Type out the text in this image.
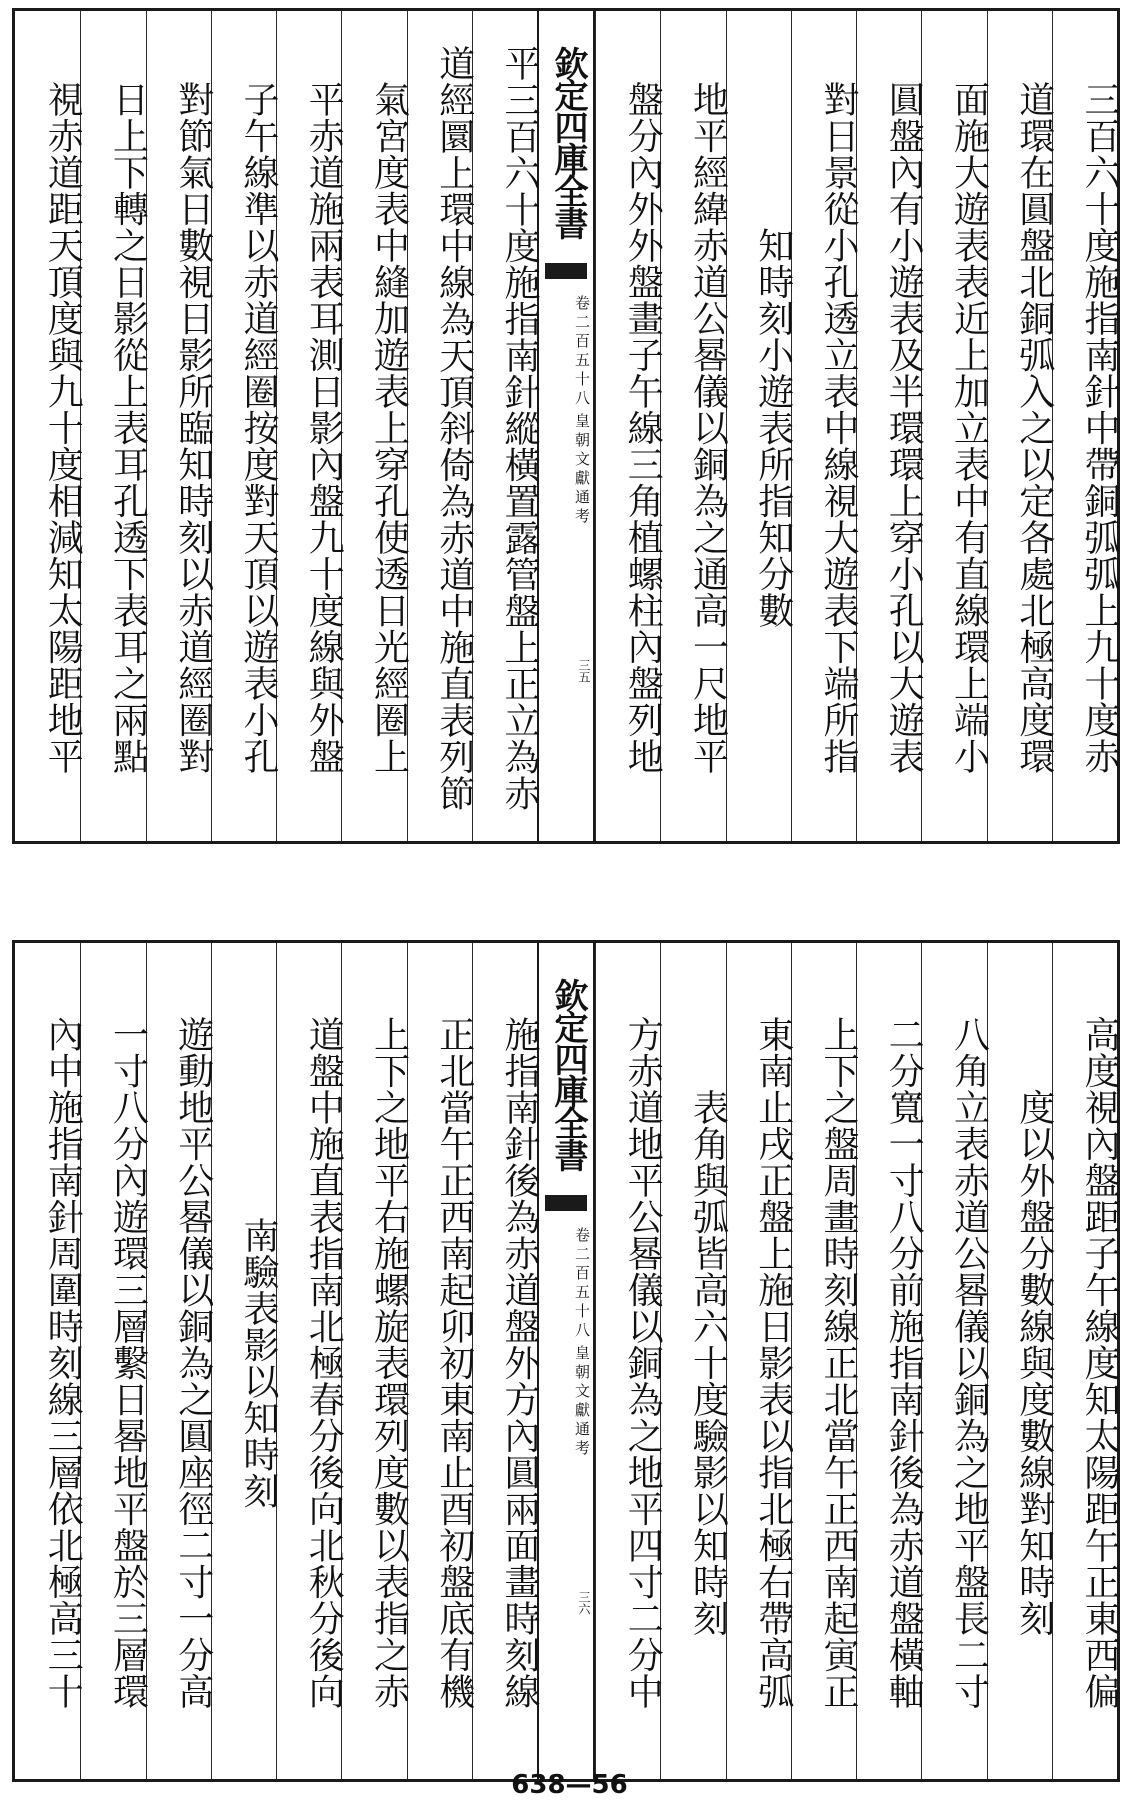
三百六十度施指南針中帶銅弧弧上九十度赤
道環在圓盤北銅弧入之以定各處北極高度環
面施大遊表表近上加立表中有直線環上端小
圓盤內有小遊表及半環環上穿小孔以大遊表
對日景從小孔透立表中線視大遊表下端所指
知時刻小遊表所指知分數
地平經緯赤道公晷儀以銅為之通高一尺地平
盤分內外外盤畫子午線三角植螺柱內盤列地
欽定四庫全書
皇朝文獻通考
卷二百五十八
三五
平三百六十度施指南針縱橫置露管盤上正立為赤
道經圜上環中線為天頂斜倚為赤道中施直表列節
氣宮度表中縫加遊表上穿孔使透日光經圈上
平赤道施兩表耳測日影內盤九十度線與外盤
子午線準以赤道經圈按度對天頂以遊表小孔
對節氣日數視日影所臨知時刻以赤道經圈對
日上下轉之日影從上表耳孔透下表耳之兩點
視赤道距天頂度與九十度相減知太陽距地平
高度視內盤距子午線度知太陽距午正東西偏
度以外盤分數線與度數線對知時刻
八角立表赤道公晷儀以銅為之地平盤長二寸
二分寬一寸八分前施指南針後為赤道盤橫軸
上下之盤周畫時刻線正北當午正西南起寅正
東南止戌正盤上施日影表以指北極右帶高弧
表角與弧皆高六十度驗影以知時刻
方赤道地平公晷儀以銅為之地平四寸二分中
欽定四庫全書
皇朝文獻通考
卷二百五十八
三六
施指南針後為赤道盤外方內圓兩面畫時刻線
正北當午正西南起卯初東南止酉初盤底有機
上下之地平右施螺旋表環列度數以表指之赤
道盤中施直表指南北極春分後向北秋分後向
南驗表影以知時刻
遊動地平公晷儀以銅為之圓座徑二寸一分高
一寸八分內遊環三層繫日晷地平盤於三層環
內中施指南針周圍時刻線三層依北極高三十
638—56
